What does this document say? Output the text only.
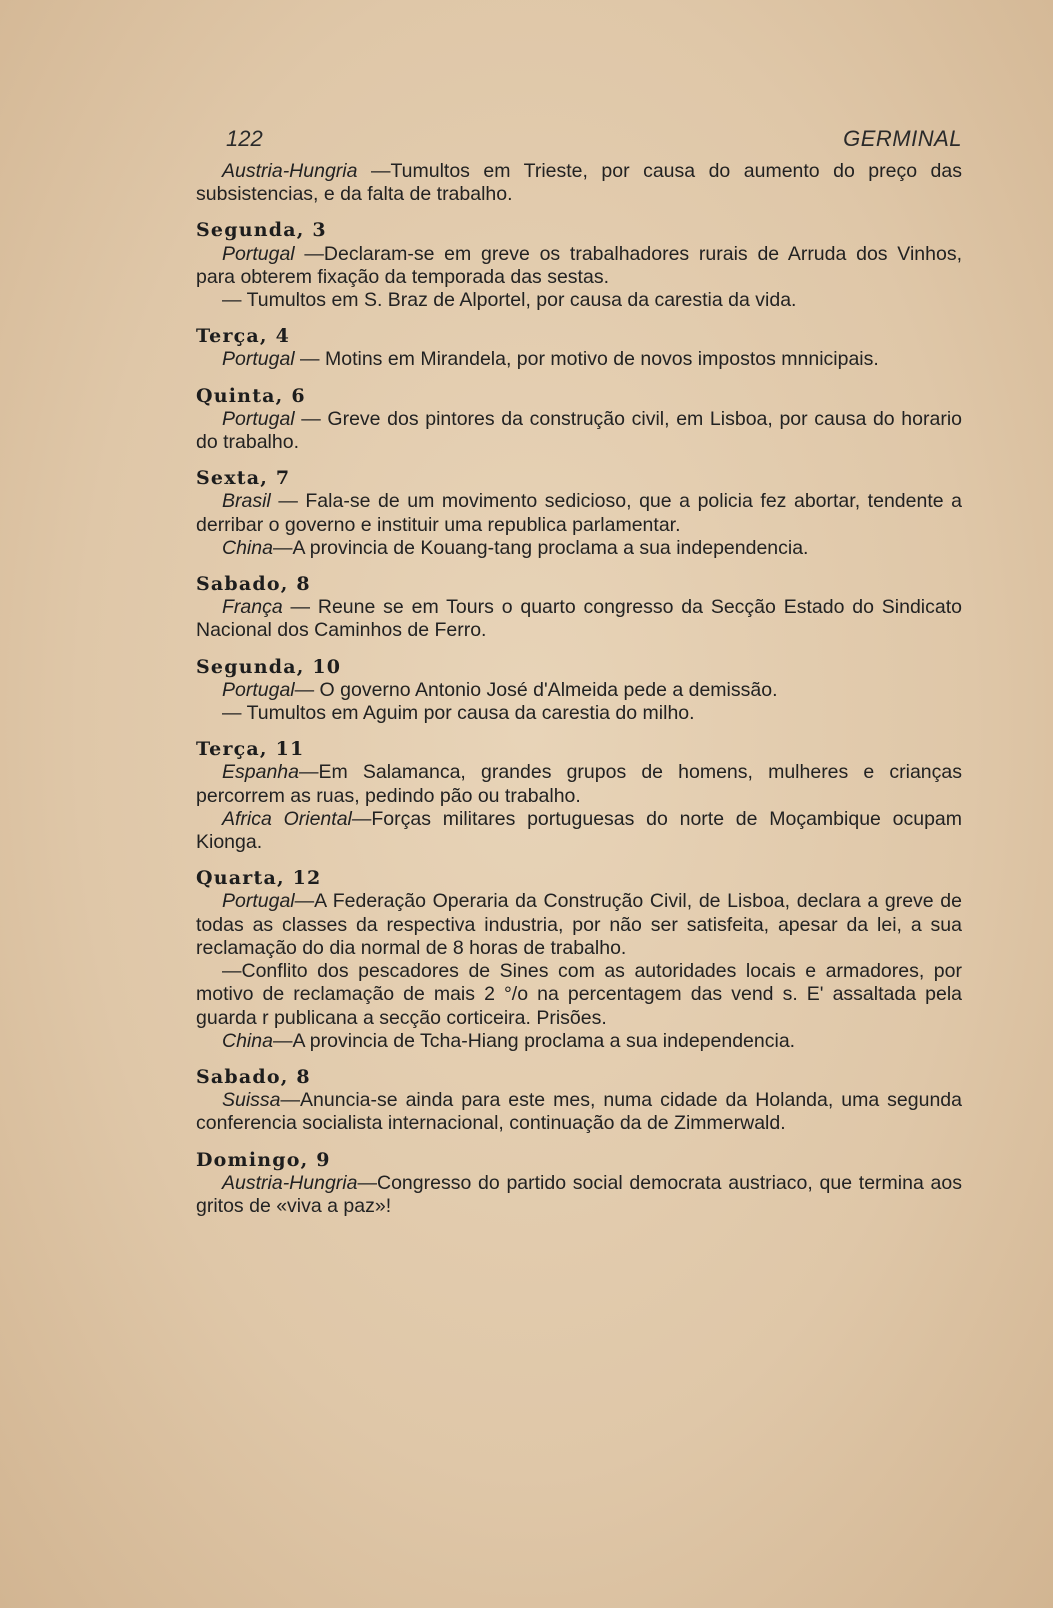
122	GERMINAL

Austria-Hungria —Tumultos em Trieste, por causa do aumento do preço das subsistencias, e da falta de trabalho.

Segunda, 3

Portugal —Declaram-se em greve os trabalhadores rurais de Arruda dos Vinhos, para obterem fixação da temporada das sestas.

— Tumultos em S. Braz de Alportel, por causa da carestia da vida.

Terça, 4

Portugal — Motins em Mirandela, por motivo de novos impostos mnnicipais.

Quinta, 6

Portugal — Greve dos pintores da construção civil, em Lisboa, por causa do horario do trabalho.

Sexta, 7

Brasil — Fala-se de um movimento sedicioso, que a policia fez abortar, tendente a derribar o governo e instituir uma republica parlamentar.

China—A provincia de Kouang-tang proclama a sua independencia.

Sabado, 8

França — Reune se em Tours o quarto congresso da Secção Estado do Sindicato Nacional dos Caminhos de Ferro.

Segunda, 10

Portugal— O governo Antonio José d'Almeida pede a demissão.

— Tumultos em Aguim por causa da carestia do milho.

Terça, 11

Espanha—Em Salamanca, grandes grupos de homens, mulheres e crianças percorrem as ruas, pedindo pão ou trabalho.

Africa Oriental—Forças militares portuguesas do norte de Moçambique ocupam Kionga.

Quarta, 12

Portugal—A Federação Operaria da Construção Civil, de Lisboa, declara a greve de todas as classes da respectiva industria, por não ser satisfeita, apesar da lei, a sua reclamação do dia normal de 8 horas de trabalho.

—Conflito dos pescadores de Sines com as autoridades locais e armadores, por motivo de reclamação de mais 2 °/o na percentagem das vend s. E' assaltada pela guarda r publicana a secção corticeira. Prisões.

China—A provincia de Tcha-Hiang proclama a sua independencia.

Sabado, 8

Suissa—Anuncia-se ainda para este mes, numa cidade da Holanda, uma segunda conferencia socialista internacional, continuação da de Zimmerwald.

Domingo, 9

Austria-Hungria—Congresso do partido social democrata austriaco, que termina aos gritos de «viva a paz»!
